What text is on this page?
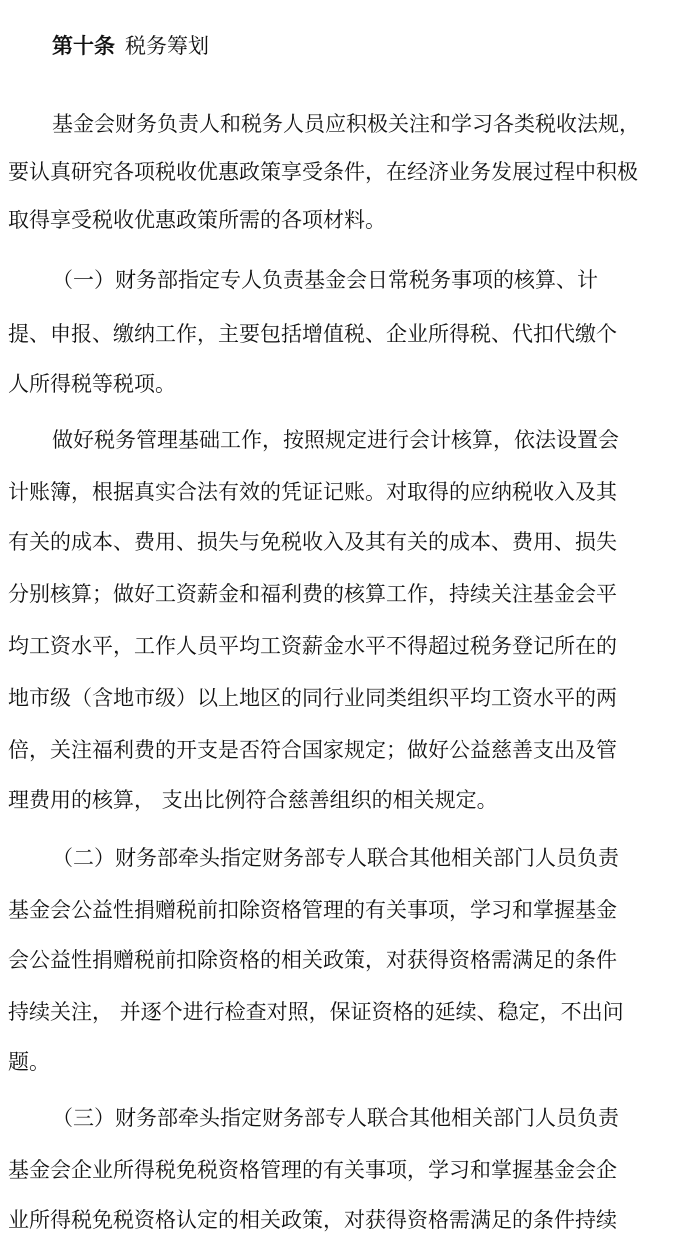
第十条 税务筹划
基金会财务负责人和税务人员应积极关注和学习各类税收法规，
要认真研究各项税收优惠政策享受条件，在经济业务发展过程中积极
取得享受税收优惠政策所需的各项材料。
（一）财务部指定专人负责基金会日常税务事项的核算、计
提、申报、缴纳工作，主要包括增值税、企业所得税、代扣代缴个
人所得税等税项。
做好税务管理基础工作，按照规定进行会计核算，依法设置会
计账簿，根据真实合法有效的凭证记账。对取得的应纳税收入及其
有关的成本、费用、损失与免税收入及其有关的成本、费用、损失
分别核算；做好工资薪金和福利费的核算工作，持续关注基金会平
均工资水平，工作人员平均工资薪金水平不得超过税务登记所在的
地市级（含地市级）以上地区的同行业同类组织平均工资水平的两
倍，关注福利费的开支是否符合国家规定；做好公益慈善支出及管
理费用的核算， 支出比例符合慈善组织的相关规定。
（二）财务部牵头指定财务部专人联合其他相关部门人员负责
基金会公益性捐赠税前扣除资格管理的有关事项，学习和掌握基金
会公益性捐赠税前扣除资格的相关政策，对获得资格需满足的条件
持续关注， 并逐个进行检查对照，保证资格的延续、稳定，不出问
题。
（三）财务部牵头指定财务部专人联合其他相关部门人员负责
基金会企业所得税免税资格管理的有关事项，学习和掌握基金会企
业所得税免税资格认定的相关政策，对获得资格需满足的条件持续
